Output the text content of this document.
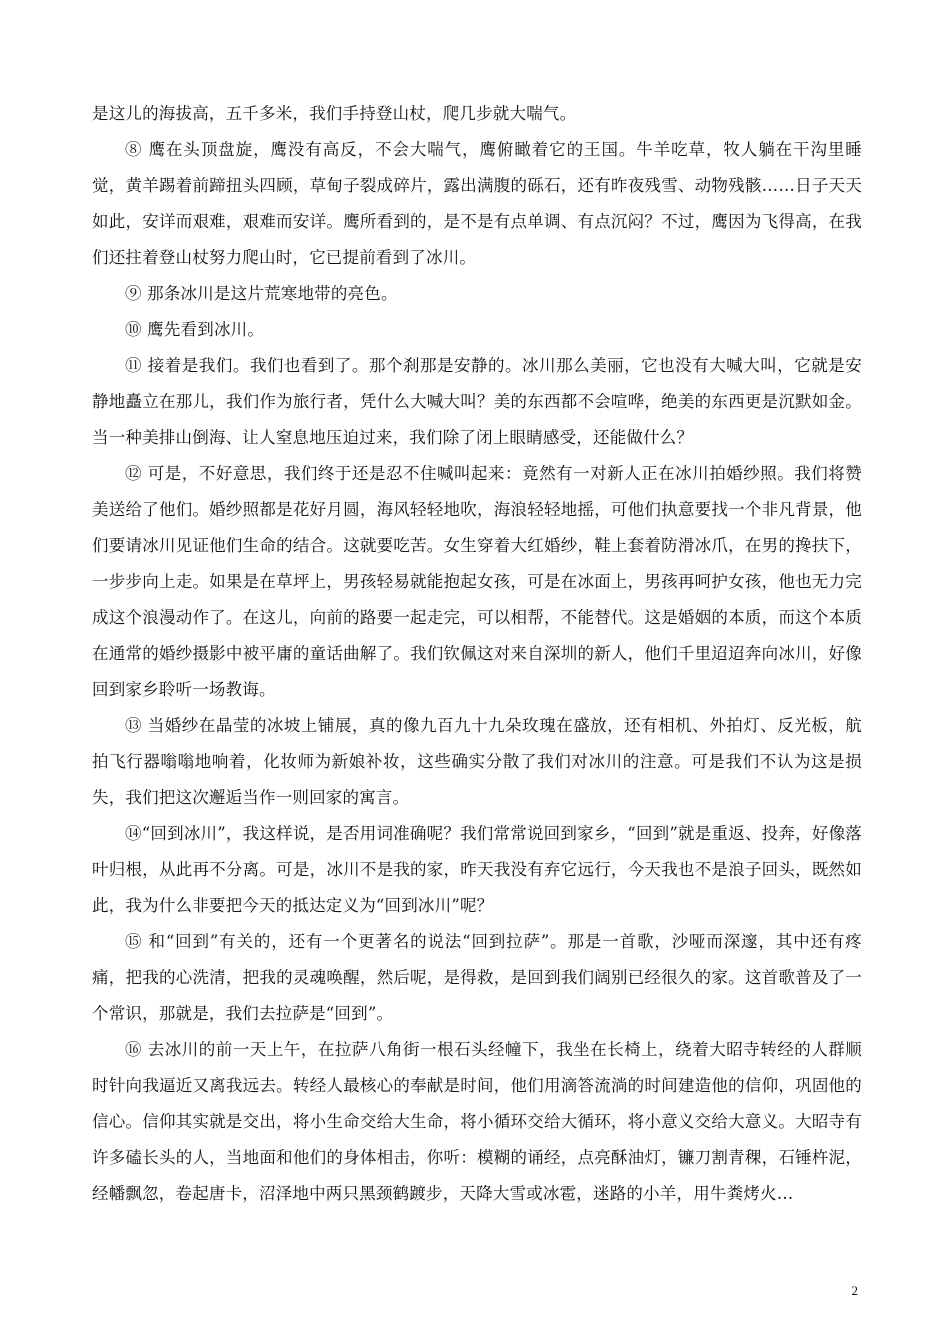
是这儿的海拔高，五千多米，我们手持登山杖，爬几步就大喘气。

⑧ 鹰在头顶盘旋，鹰没有高反，不会大喘气，鹰俯瞰着它的王国。牛羊吃草，牧人躺在干沟里睡觉，黄羊踢着前蹄扭头四顾，草甸子裂成碎片，露出满腹的砾石，还有昨夜残雪、动物残骸……日子天天如此，安详而艰难，艰难而安详。鹰所看到的，是不是有点单调、有点沉闷？不过，鹰因为飞得高，在我们还拄着登山杖努力爬山时，它已提前看到了冰川。

⑨ 那条冰川是这片荒寒地带的亮色。

⑩ 鹰先看到冰川。

⑪ 接着是我们。我们也看到了。那个刹那是安静的。冰川那么美丽，它也没有大喊大叫，它就是安静地矗立在那儿，我们作为旅行者，凭什么大喊大叫？美的东西都不会喧哗，绝美的东西更是沉默如金。当一种美排山倒海、让人窒息地压迫过来，我们除了闭上眼睛感受，还能做什么？

⑫ 可是，不好意思，我们终于还是忍不住喊叫起来：竟然有一对新人正在冰川拍婚纱照。我们将赞美送给了他们。婚纱照都是花好月圆，海风轻轻地吹，海浪轻轻地摇，可他们执意要找一个非凡背景，他们要请冰川见证他们生命的结合。这就要吃苦。女生穿着大红婚纱，鞋上套着防滑冰爪，在男的搀扶下，一步步向上走。如果是在草坪上，男孩轻易就能抱起女孩，可是在冰面上，男孩再呵护女孩，他也无力完成这个浪漫动作了。在这儿，向前的路要一起走完，可以相帮，不能替代。这是婚姻的本质，而这个本质在通常的婚纱摄影中被平庸的童话曲解了。我们钦佩这对来自深圳的新人，他们千里迢迢奔向冰川，好像回到家乡聆听一场教诲。

⑬ 当婚纱在晶莹的冰坡上铺展，真的像九百九十九朵玫瑰在盛放，还有相机、外拍灯、反光板，航拍飞行器嗡嗡地响着，化妆师为新娘补妆，这些确实分散了我们对冰川的注意。可是我们不认为这是损失，我们把这次邂逅当作一则回家的寓言。

⑭“回到冰川”，我这样说，是否用词准确呢？我们常常说回到家乡，“回到”就是重返、投奔，好像落叶归根，从此再不分离。可是，冰川不是我的家，昨天我没有弃它远行，今天我也不是浪子回头，既然如此，我为什么非要把今天的抵达定义为“回到冰川”呢？

⑮ 和“回到”有关的，还有一个更著名的说法“回到拉萨”。那是一首歌，沙哑而深邃，其中还有疼痛，把我的心洗清，把我的灵魂唤醒，然后呢，是得救，是回到我们阔别已经很久的家。这首歌普及了一个常识，那就是，我们去拉萨是“回到”。

⑯ 去冰川的前一天上午，在拉萨八角街一根石头经幢下，我坐在长椅上，绕着大昭寺转经的人群顺时针向我逼近又离我远去。转经人最核心的奉献是时间，他们用滴答流淌的时间建造他的信仰，巩固他的信心。信仰其实就是交出，将小生命交给大生命，将小循环交给大循环，将小意义交给大意义。大昭寺有许多磕长头的人，当地面和他们的身体相击，你听：模糊的诵经，点亮酥油灯，镰刀割青稞，石锤杵泥，经幡飘忽，卷起唐卡，沼泽地中两只黑颈鹤踱步，天降大雪或冰雹，迷路的小羊，用牛粪烤火…

2
